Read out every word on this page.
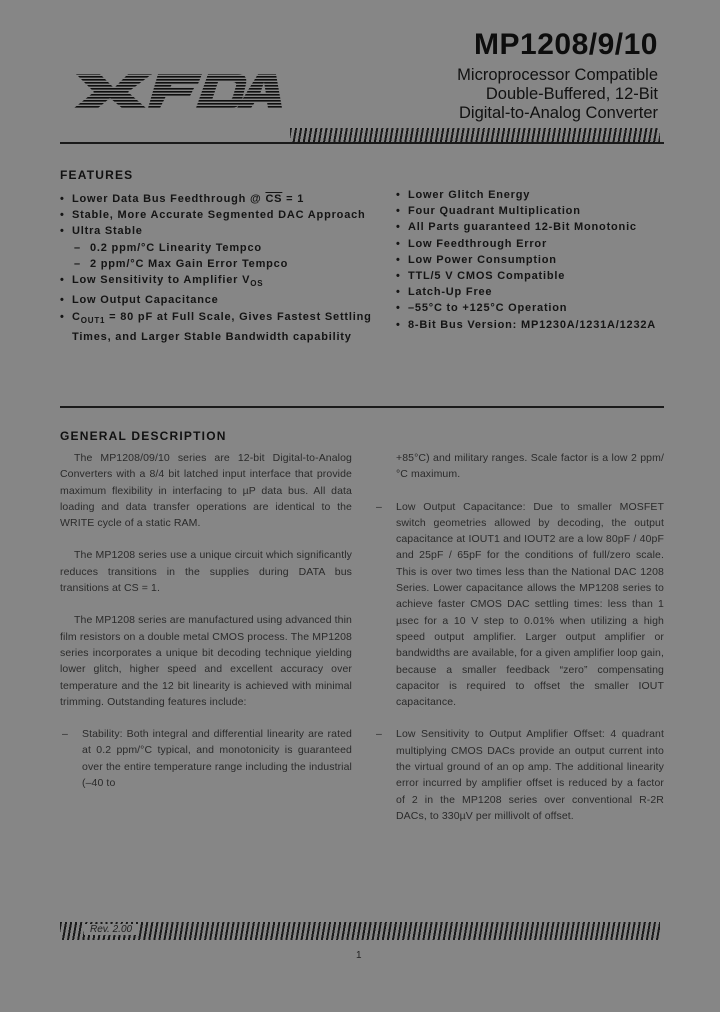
MP1208/9/10
Microprocessor Compatible
Double-Buffered, 12-Bit
Digital-to-Analog Converter
EXAR
FEATURES
• Lower Data Bus Feedthrough @ $\overline{CS} = 1$
• Stable, More Accurate Segmented DAC Approach
• Ultra Stable
– 0.2 ppm/°C Linearity Tempco
– 2 ppm/°C Max Gain Error Tempco
• Low Sensitivity to Amplifier $V_{OS}$
• Low Output Capacitance
• $C_{OUT1} = 80$ pF at Full Scale, Gives Fastest Settling
Times, and Larger Stable Bandwidth capability
• Lower Glitch Energy
• Four Quadrant Multiplication
• All Parts guaranteed 12-Bit Monotonic
• Low Feedthrough Error
• Low Power Consumption
• TTL/5 V CMOS Compatible
• Latch-Up Free
• –55°C to +125°C Operation
• 8-Bit Bus Version: MP1230A/1231A/1232A
GENERAL DESCRIPTION

The MP1208/09/10 series are 12-bit Digital-to-Analog Converters with a 8/4 bit latched input interface that provide maximum flexibility in interfacing to µP data bus. All data loading and data transfer operations are identical to the WRITE cycle of a static RAM.

The MP1208 series use a unique circuit which significantly reduces transitions in the supplies during DATA bus transitions at CS = 1.

The MP1208 series are manufactured using advanced thin film resistors on a double metal CMOS process. The MP1208 series incorporates a unique bit decoding technique yielding lower glitch, higher speed and excellent accuracy over temperature and the 12 bit linearity is achieved with minimal trimming. Outstanding features include:

– Stability: Both integral and differential linearity are rated at 0.2 ppm/°C typical, and monotonicity is guaranteed over the entire temperature range including the industrial (–40 to
+85°C) and military ranges. Scale factor is a low 2 ppm/°C maximum.
– Low Output Capacitance: Due to smaller MOSFET switch geometries allowed by decoding, the output capacitance at IOUT1 and IOUT2 are a low 80pF / 40pF and 25pF / 65pF for the conditions of full/zero scale. This is over two times less than the National DAC 1208 Series. Lower capacitance allows the MP1208 series to achieve faster CMOS DAC settling times: less than 1 µsec for a 10 V step to 0.01% when utilizing a high speed output amplifier. Larger output amplifier or bandwidths are available, for a given amplifier loop gain, because a smaller feedback “zero” compensating capacitor is required to offset the smaller IOUT capacitance.
– Low Sensitivity to Output Amplifier Offset: 4 quadrant multiplying CMOS DACs provide an output current into the virtual ground of an op amp. The additional linearity error incurred by amplifier offset is reduced by a factor of 2 in the MP1208 series over conventional R-2R DACs, to 330µV per millivolt of offset.
Rev. 2.00
1
